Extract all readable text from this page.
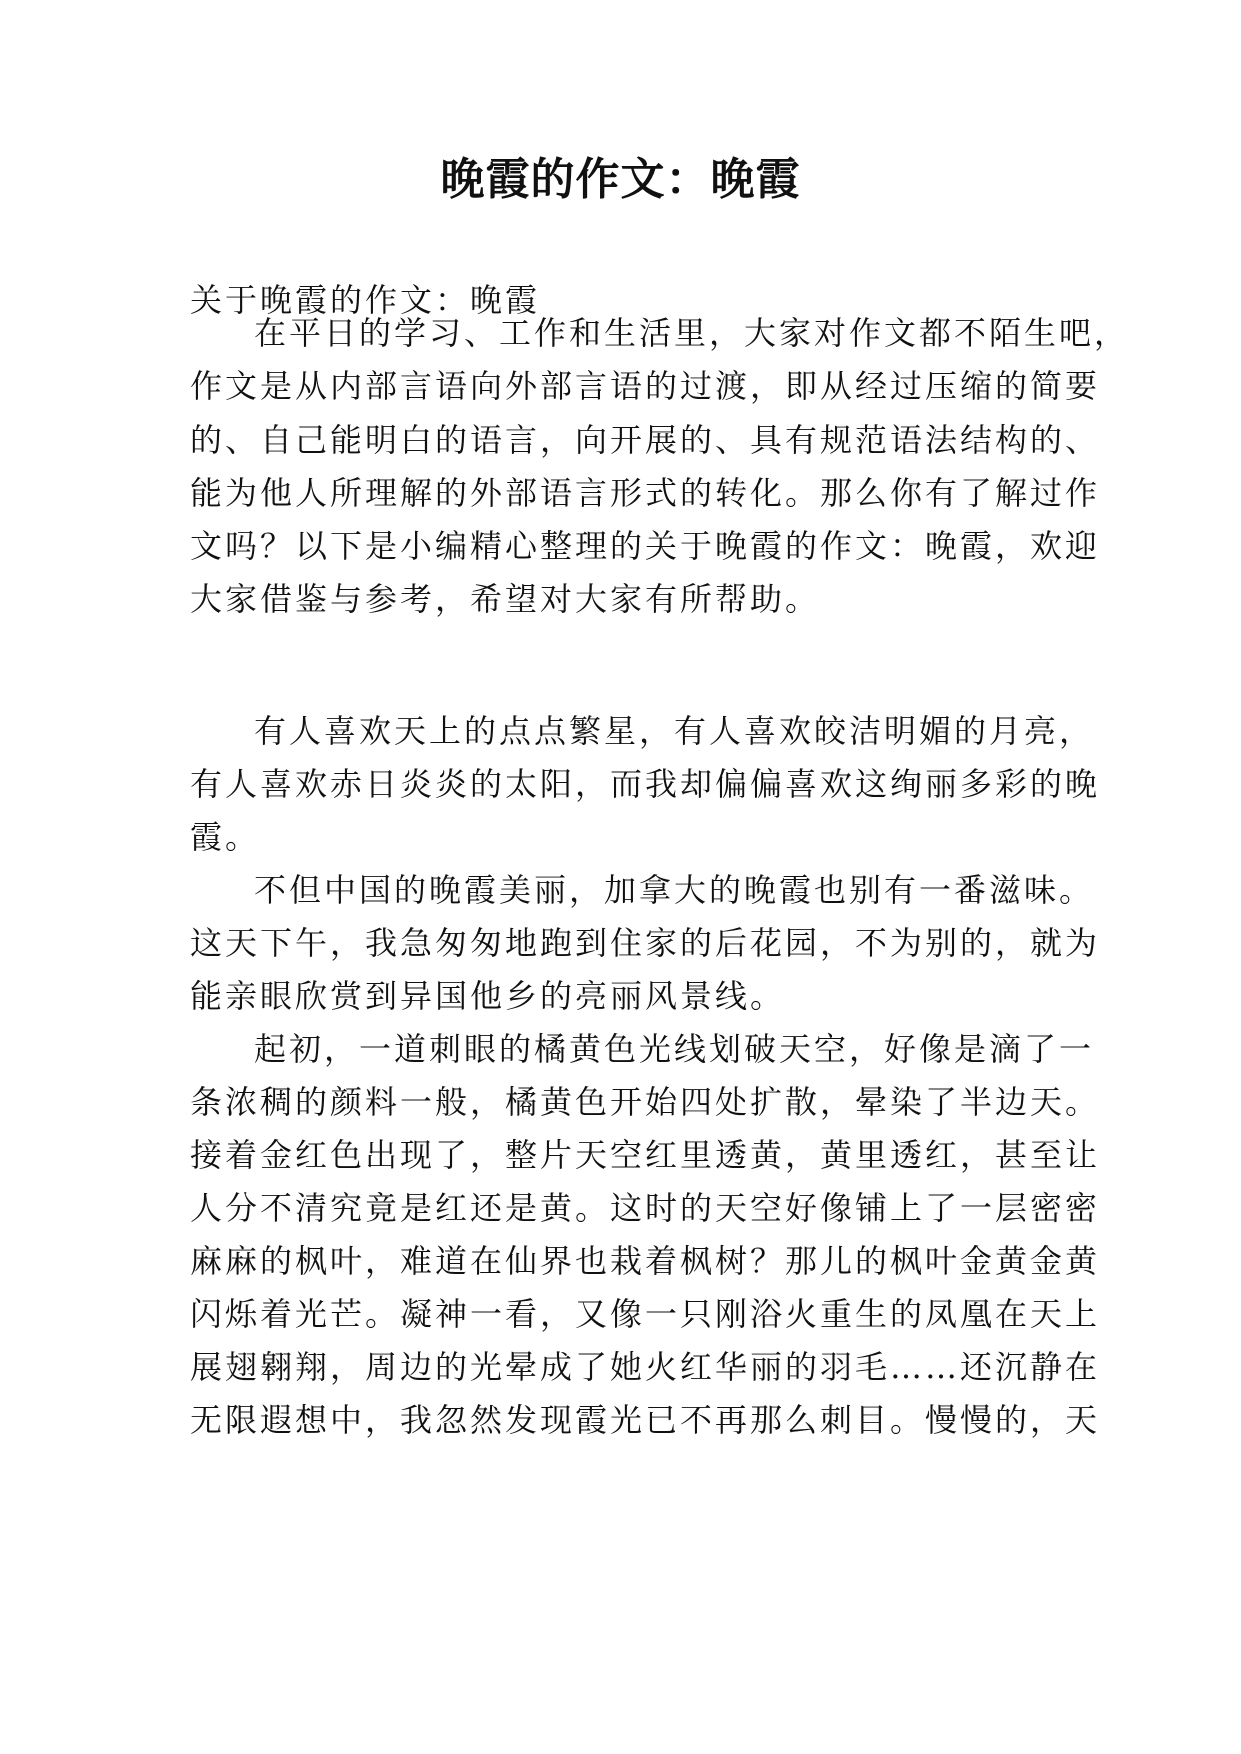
晚霞的作文：晚霞

关于晚霞的作文：晚霞

在平日的学习、工作和生活里，大家对作文都不陌生吧，

作文是从内部言语向外部言语的过渡，即从经过压缩的简要

的、自己能明白的语言，向开展的、具有规范语法结构的、

能为他人所理解的外部语言形式的转化。那么你有了解过作

文吗？以下是小编精心整理的关于晚霞的作文：晚霞，欢迎

大家借鉴与参考，希望对大家有所帮助。

有人喜欢天上的点点繁星，有人喜欢皎洁明媚的月亮，

有人喜欢赤日炎炎的太阳，而我却偏偏喜欢这绚丽多彩的晚

霞。

不但中国的晚霞美丽，加拿大的晚霞也别有一番滋味。

这天下午，我急匆匆地跑到住家的后花园，不为别的，就为

能亲眼欣赏到异国他乡的亮丽风景线。

起初，一道刺眼的橘黄色光线划破天空，好像是滴了一

条浓稠的颜料一般，橘黄色开始四处扩散，晕染了半边天。

接着金红色出现了，整片天空红里透黄，黄里透红，甚至让

人分不清究竟是红还是黄。这时的天空好像铺上了一层密密

麻麻的枫叶，难道在仙界也栽着枫树？那儿的枫叶金黄金黄

闪烁着光芒。凝神一看，又像一只刚浴火重生的凤凰在天上

展翅翱翔，周边的光晕成了她火红华丽的羽毛……还沉静在

无限遐想中，我忽然发现霞光已不再那么刺目。慢慢的，天
